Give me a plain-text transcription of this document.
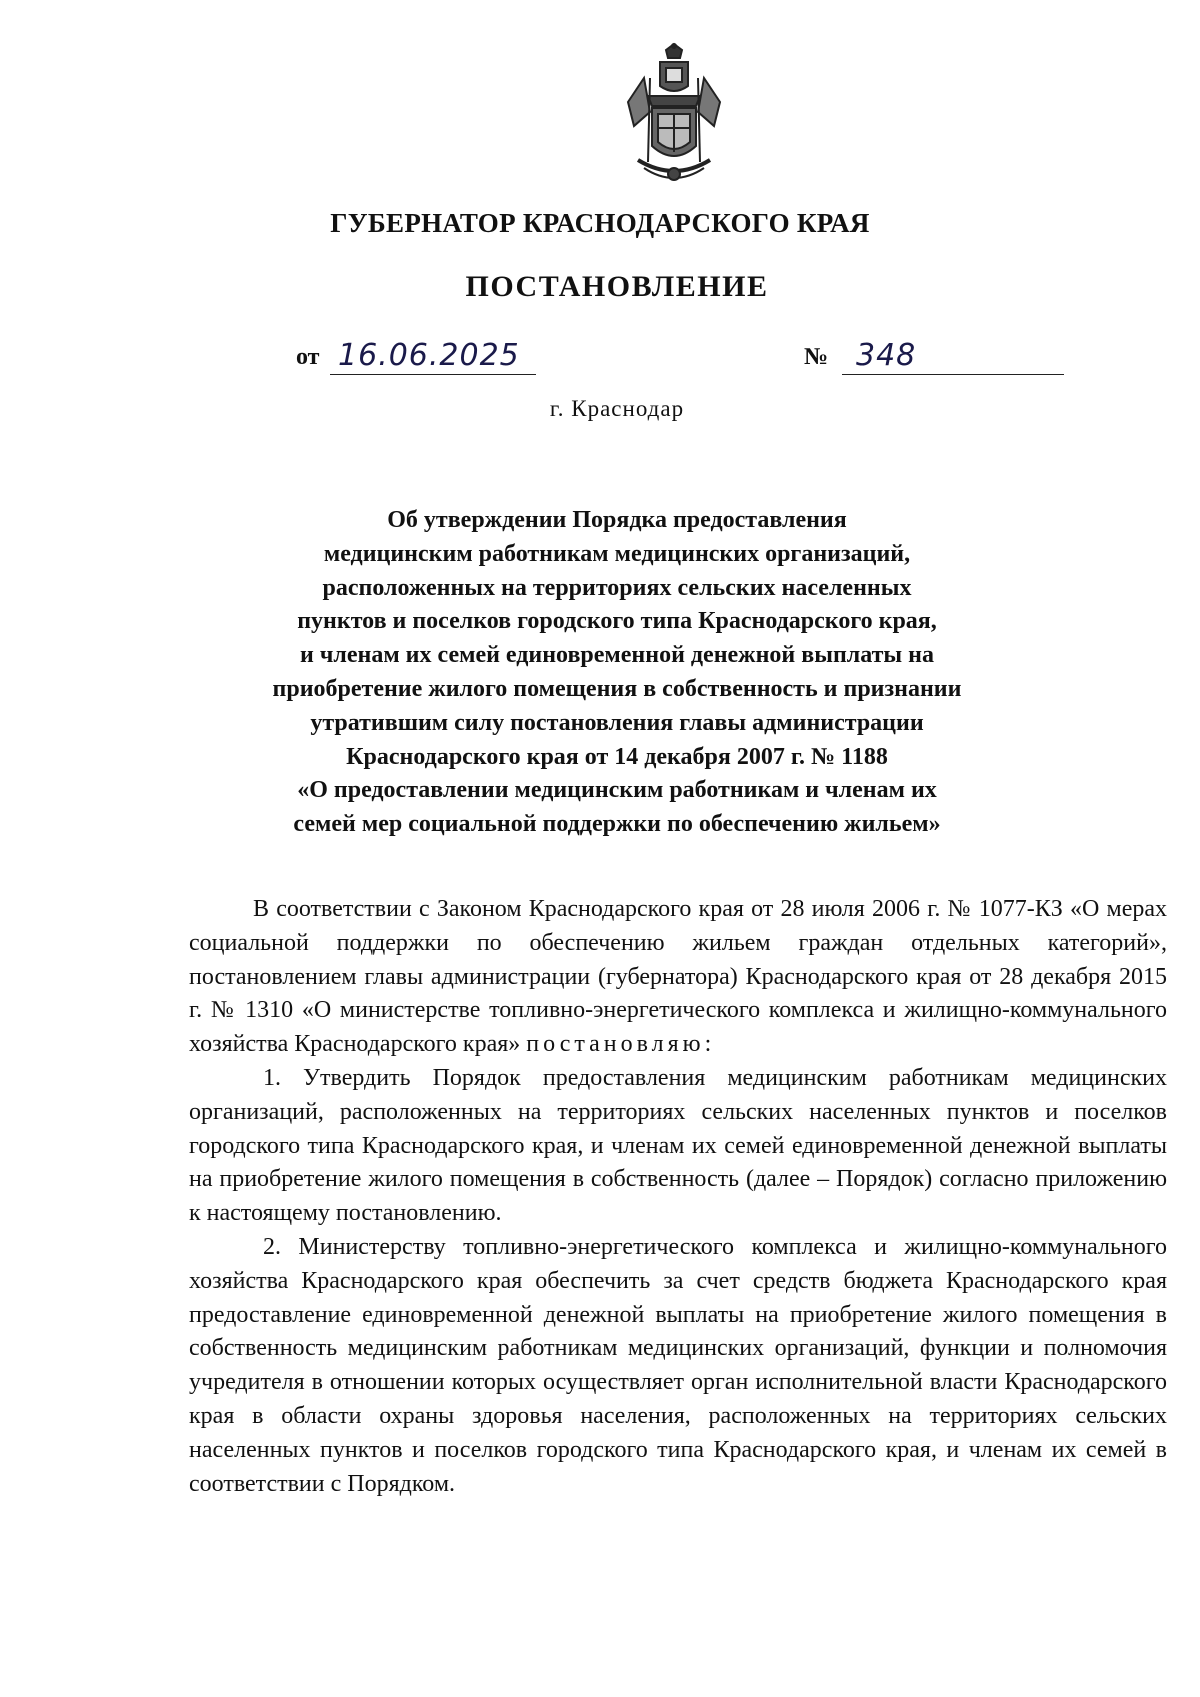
ГУБЕРНАТОР КРАСНОДАРСКОГО КРАЯ
ПОСТАНОВЛЕНИЕ
от 16.06.2025	№ 348
г. Краснодар
Об утверждении Порядка предоставления
медицинским работникам медицинских организаций,
расположенных на территориях сельских населенных
пунктов и поселков городского типа Краснодарского края,
и членам их семей единовременной денежной выплаты на
приобретение жилого помещения в собственность и признании
утратившим силу постановления главы администрации
Краснодарского края от 14 декабря 2007 г. № 1188
«О предоставлении медицинским работникам и членам их
семей мер социальной поддержки по обеспечению жильем»

В соответствии с Законом Краснодарского края от 28 июля 2006 г. № 1077-КЗ «О мерах социальной поддержки по обеспечению жильем граждан отдельных категорий», постановлением главы администрации (губернатора) Краснодарского края от 28 декабря 2015 г. № 1310 «О министерстве топливно-энергетического комплекса и жилищно-коммунального хозяйства Краснодарского края» постановляю:

1. Утвердить Порядок предоставления медицинским работникам медицинских организаций, расположенных на территориях сельских населенных пунктов и поселков городского типа Краснодарского края, и членам их семей единовременной денежной выплаты на приобретение жилого помещения в собственность (далее – Порядок) согласно приложению к настоящему постановлению.

2. Министерству топливно-энергетического комплекса и жилищно-коммунального хозяйства Краснодарского края обеспечить за счет средств бюджета Краснодарского края предоставление единовременной денежной выплаты на приобретение жилого помещения в собственность медицинским работникам медицинских организаций, функции и полномочия учредителя в отношении которых осуществляет орган исполнительной власти Краснодарского края в области охраны здоровья населения, расположенных на территориях сельских населенных пунктов и поселков городского типа Краснодарского края, и членам их семей в соответствии с Порядком.
